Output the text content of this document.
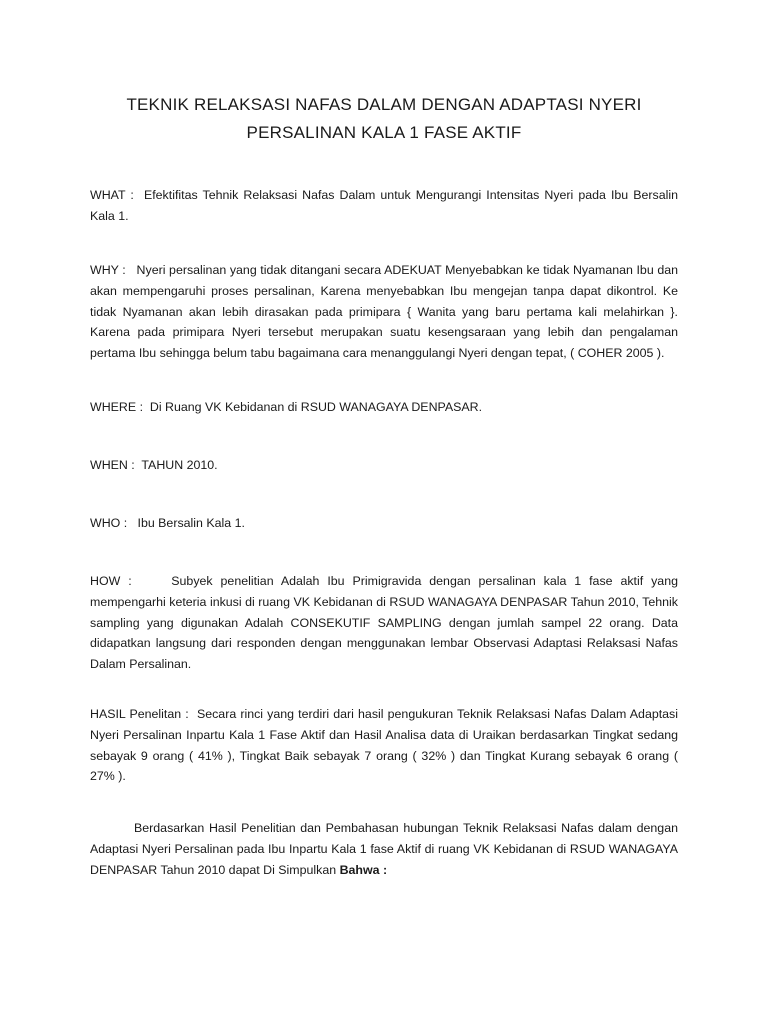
TEKNIK RELAKSASI NAFAS DALAM DENGAN ADAPTASI NYERI
PERSALINAN KALA 1 FASE AKTIF

WHAT :  Efektifitas Tehnik Relaksasi Nafas Dalam untuk Mengurangi Intensitas Nyeri pada Ibu Bersalin Kala 1.

WHY :   Nyeri persalinan yang tidak ditangani secara ADEKUAT Menyebabkan ke tidak Nyamanan Ibu dan akan mempengaruhi proses persalinan, Karena menyebabkan Ibu mengejan tanpa dapat dikontrol. Ke tidak Nyamanan akan lebih dirasakan pada primipara { Wanita yang baru pertama kali melahirkan }. Karena pada primipara Nyeri tersebut merupakan suatu kesengsaraan yang lebih dan pengalaman pertama Ibu sehingga belum tabu bagaimana cara menanggulangi Nyeri dengan tepat, ( COHER 2005 ).

WHERE :  Di Ruang VK Kebidanan di RSUD WANAGAYA DENPASAR.

WHEN :  TAHUN 2010.

WHO :   Ibu Bersalin Kala 1.

HOW :     Subyek penelitian Adalah Ibu Primigravida dengan persalinan kala 1 fase aktif yang mempengarhi keteria inkusi di ruang VK Kebidanan di RSUD WANAGAYA DENPASAR Tahun 2010, Tehnik sampling yang digunakan Adalah CONSEKUTIF SAMPLING dengan jumlah sampel 22 orang. Data didapatkan langsung dari responden dengan menggunakan lembar Observasi Adaptasi Relaksasi Nafas Dalam Persalinan.

HASIL Penelitan :  Secara rinci yang terdiri dari hasil pengukuran Teknik Relaksasi Nafas Dalam Adaptasi Nyeri Persalinan Inpartu Kala 1 Fase Aktif dan Hasil Analisa data di Uraikan berdasarkan Tingkat sedang sebayak 9 orang ( 41% ), Tingkat Baik sebayak 7 orang ( 32% ) dan Tingkat Kurang sebayak 6 orang ( 27% ).

Berdasarkan Hasil Penelitian dan Pembahasan hubungan Teknik Relaksasi Nafas dalam dengan Adaptasi Nyeri Persalinan pada Ibu Inpartu Kala 1 fase Aktif di ruang VK Kebidanan di RSUD WANAGAYA DENPASAR Tahun 2010 dapat Di Simpulkan Bahwa :
